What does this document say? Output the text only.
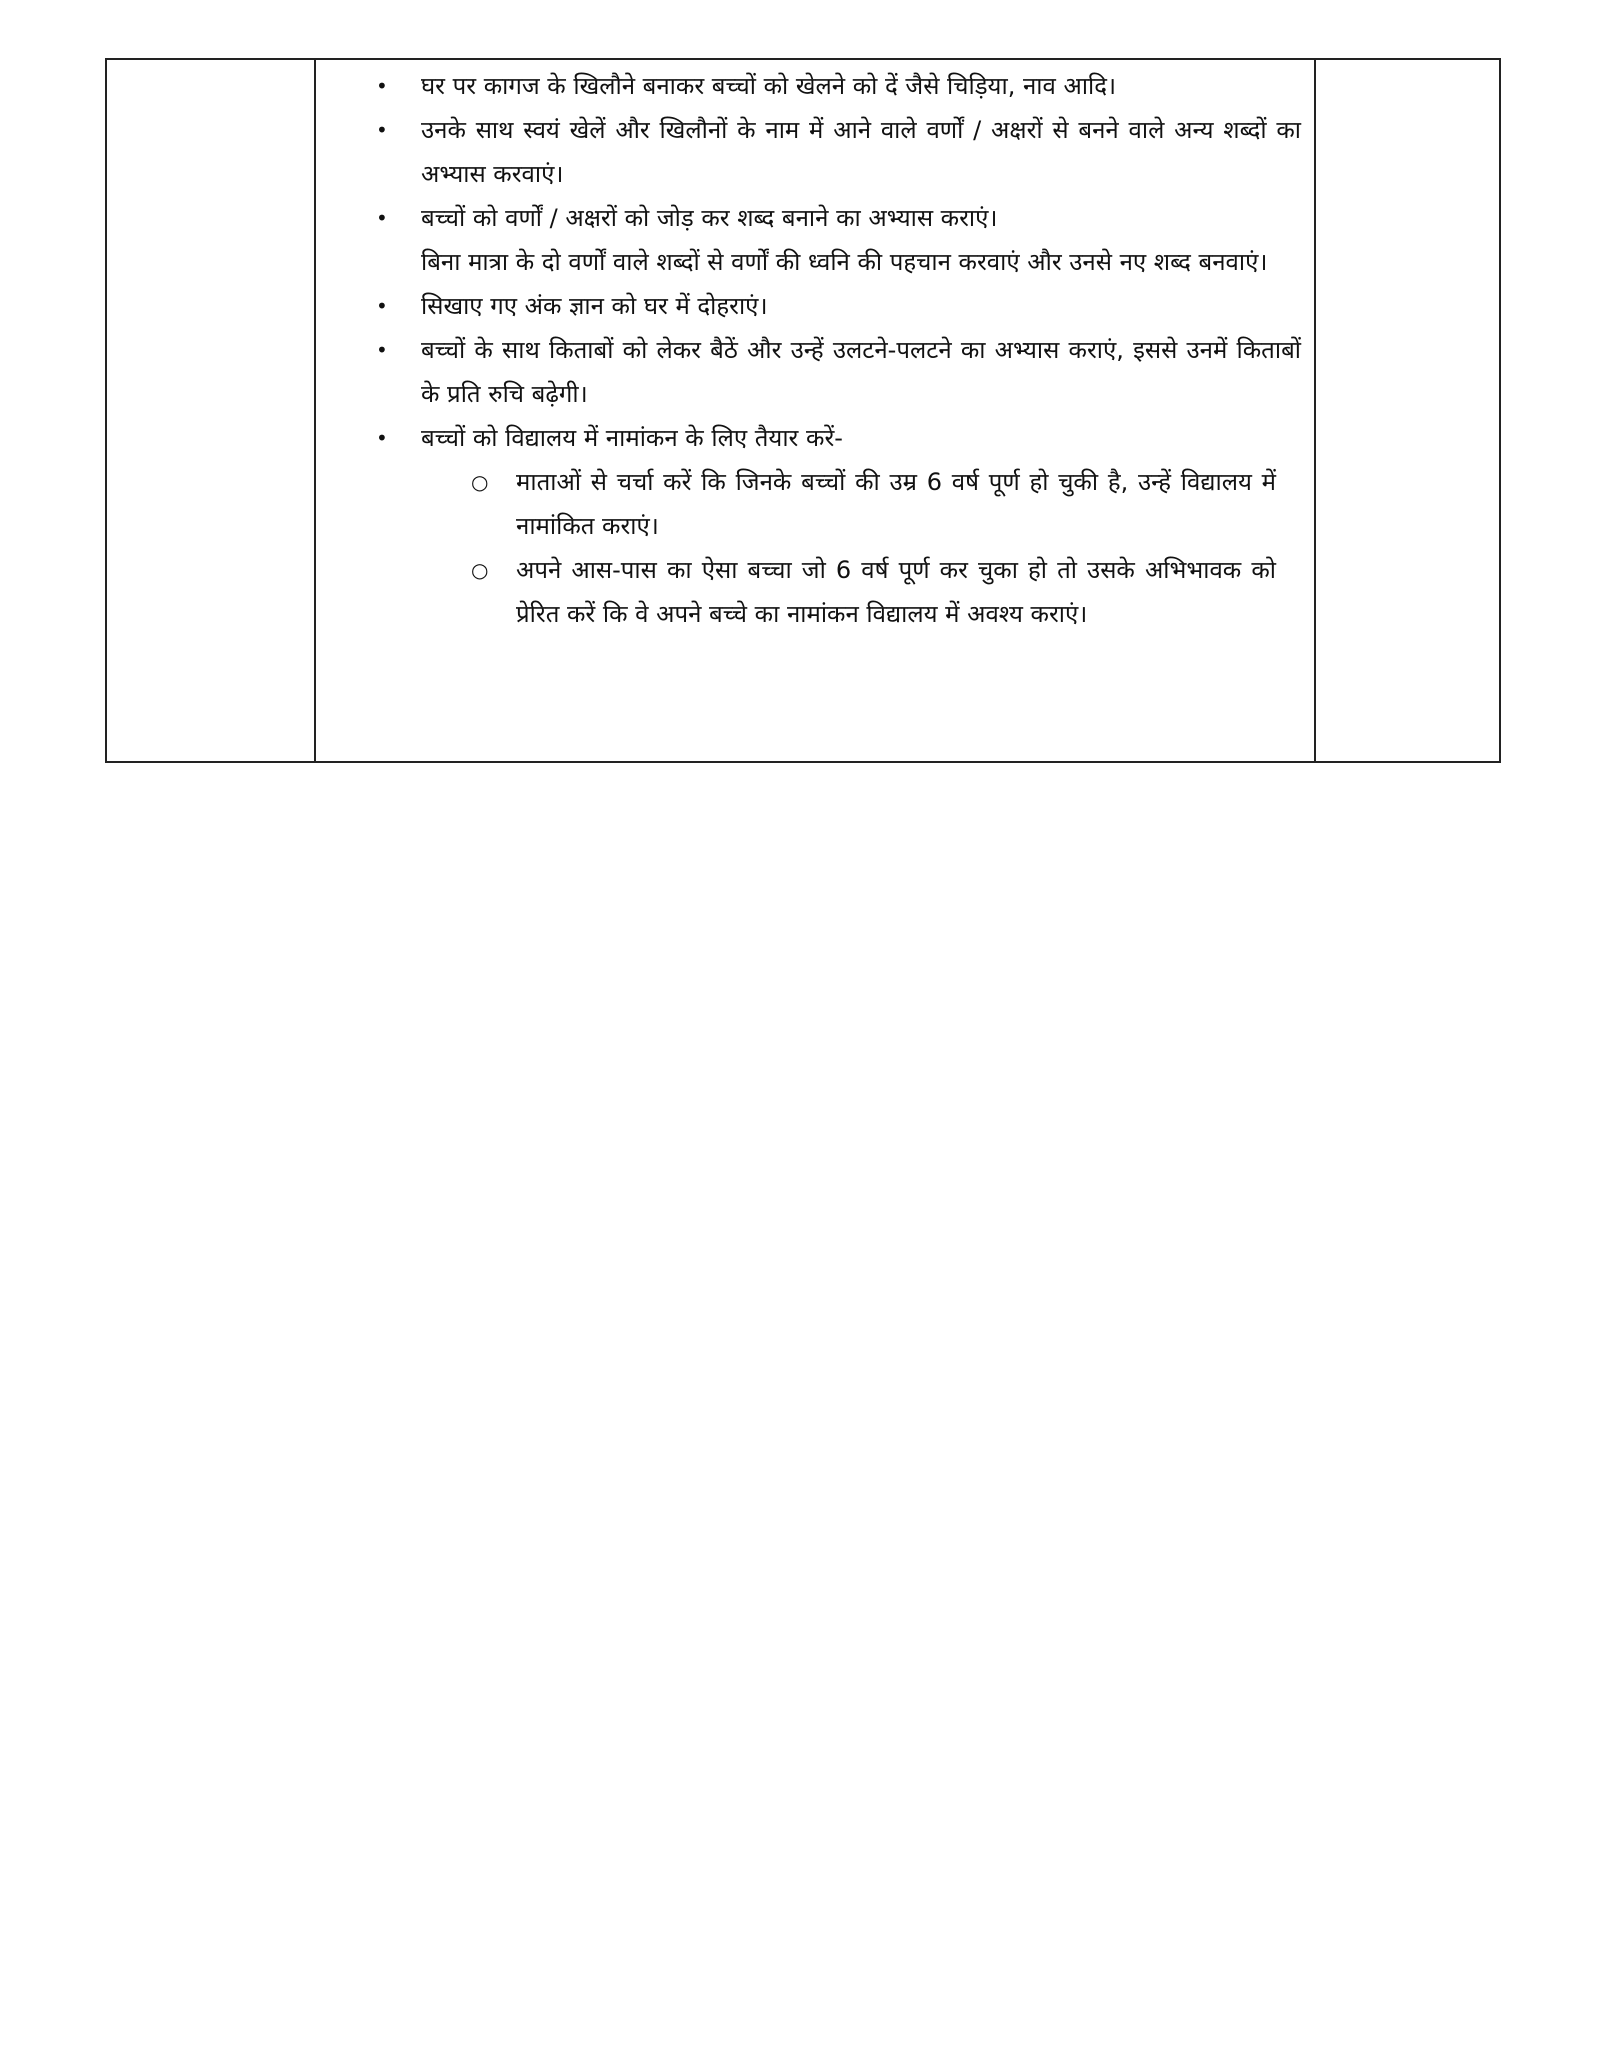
•	घर पर कागज के खिलौने बनाकर बच्चों को खेलने को दें जैसे चिड़िया, नाव आदि।
•	उनके साथ स्वयं खेलें और खिलौनों के नाम में आने वाले वर्णों / अक्षरों से बनने वाले अन्य शब्दों का अभ्यास करवाएं।
•	बच्चों को वर्णों / अक्षरों को जोड़ कर शब्द बनाने का अभ्यास कराएं।
बिना मात्रा के दो वर्णों वाले शब्दों से वर्णों की ध्वनि की पहचान करवाएं और उनसे नए शब्द बनवाएं।
•	सिखाए गए अंक ज्ञान को घर में दोहराएं।
•	बच्चों के साथ किताबों को लेकर बैठें और उन्हें उलटने-पलटने का अभ्यास कराएं, इससे उनमें किताबों के प्रति रुचि बढ़ेगी।
•	बच्चों को विद्यालय में नामांकन के लिए तैयार करें-
○ माताओं से चर्चा करें कि जिनके बच्चों की उम्र 6 वर्ष पूर्ण हो चुकी है, उन्हें विद्यालय में नामांकित कराएं।
○ अपने आस-पास का ऐसा बच्चा जो 6 वर्ष पूर्ण कर चुका हो तो उसके अभिभावक को प्रेरित करें कि वे अपने बच्चे का नामांकन विद्यालय में अवश्य कराएं।
